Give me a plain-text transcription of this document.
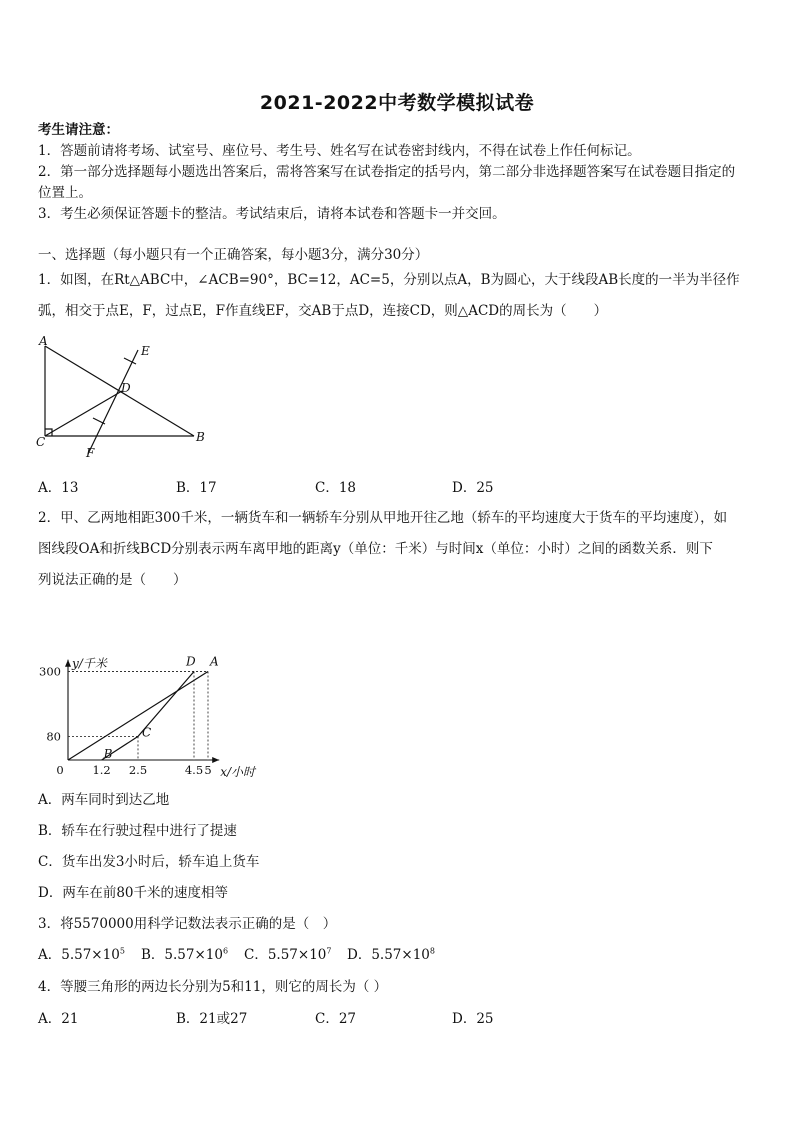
2021-2022中考数学模拟试卷
考生请注意：
1．答题前请将考场、试室号、座位号、考生号、姓名写在试卷密封线内，不得在试卷上作任何标记。
2．第一部分选择题每小题选出答案后，需将答案写在试卷指定的括号内，第二部分非选择题答案写在试卷题目指定的
位置上。
3．考生必须保证答题卡的整洁。考试结束后，请将本试卷和答题卡一并交回。
一、选择题（每小题只有一个正确答案，每小题3分，满分30分）
1．如图，在Rt△ABC中，∠ACB=90°，BC=12，AC=5，分别以点A，B为圆心，大于线段AB长度的一半为半径作
弧，相交于点E，F，过点E，F作直线EF，交AB于点D，连接CD，则△ACD的周长为（　　）
A
B
C
D
E
F
A．13	B．17	C．18	D．25
2．甲、乙两地相距300千米，一辆货车和一辆轿车分别从甲地开往乙地（轿车的平均速度大于货车的平均速度），如
图线段OA和折线BCD分别表示两车离甲地的距离y（单位：千米）与时间x（单位：小时）之间的函数关系．则下
列说法正确的是（　　）
x/小时
y/千米
0	1.2 2.5	4.5 5
80
300
A
B
C
D
A．两车同时到达乙地
B．轿车在行驶过程中进行了提速
C．货车出发3小时后，轿车追上货车
D．两车在前80千米的速度相等
3．将5570000用科学记数法表示正确的是（　）
A．$5.57\times 10^5$ B．$5.57\times 10^6$ C．$5.57\times 10^7$ D．$5.57\times 10^8$
4．等腰三角形的两边长分别为5和11，则它的周长为（ ）
A．21	B．21或27	C．27	D．25
